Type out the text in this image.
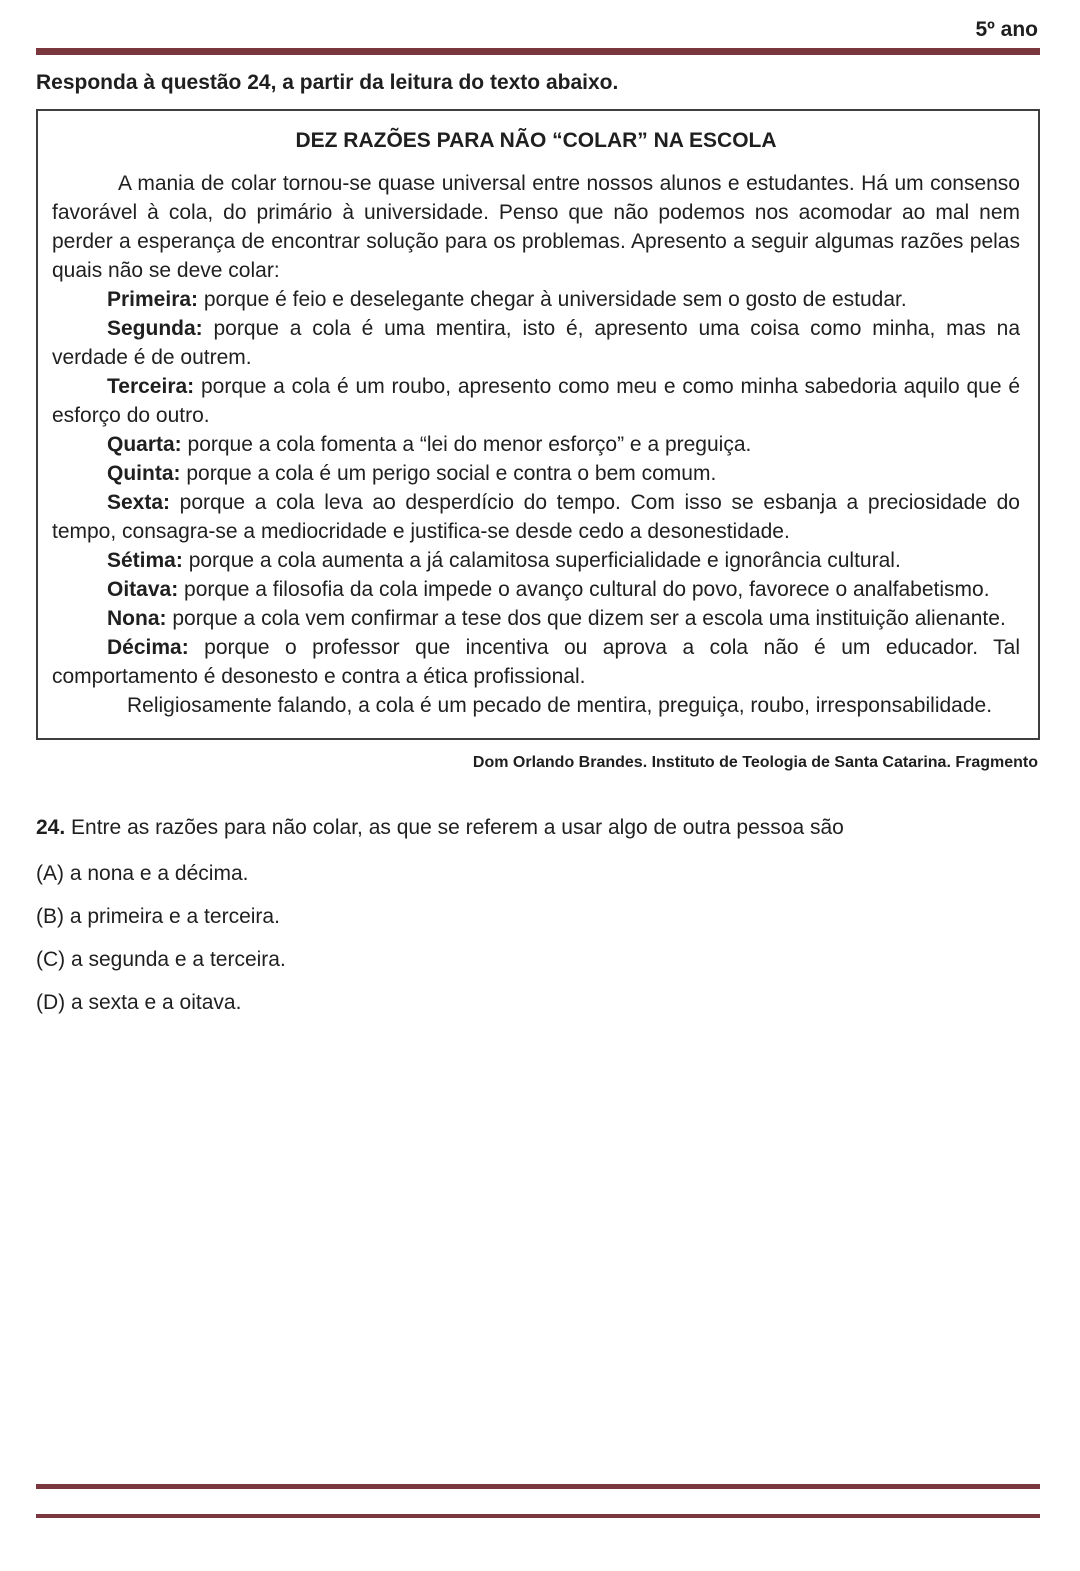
5º ano

Responda à questão 24, a partir da leitura do texto abaixo.

DEZ RAZÕES PARA NÃO “COLAR” NA ESCOLA

A mania de colar tornou-se quase universal entre nossos alunos e estudantes. Há um consenso favorável à cola, do primário à universidade. Penso que não podemos nos acomodar ao mal nem perder a esperança de encontrar solução para os problemas. Apresento a seguir algumas razões pelas quais não se deve colar:

Primeira: porque é feio e deselegante chegar à universidade sem o gosto de estudar.

Segunda: porque a cola é uma mentira, isto é, apresento uma coisa como minha, mas na verdade é de outrem.

Terceira: porque a cola é um roubo, apresento como meu e como minha sabedoria aquilo que é esforço do outro.

Quarta: porque a cola fomenta a “lei do menor esforço” e a preguiça.

Quinta: porque a cola é um perigo social e contra o bem comum.

Sexta: porque a cola leva ao desperdício do tempo. Com isso se esbanja a preciosidade do tempo, consagra-se a mediocridade e justifica-se desde cedo a desonestidade.

Sétima: porque a cola aumenta a já calamitosa superficialidade e ignorância cultural.

Oitava: porque a filosofia da cola impede o avanço cultural do povo, favorece o analfabetismo.

Nona: porque a cola vem confirmar a tese dos que dizem ser a escola uma instituição alienante.

Décima: porque o professor que incentiva ou aprova a cola não é um educador. Tal comportamento é desonesto e contra a ética profissional.

Religiosamente falando, a cola é um pecado de mentira, preguiça, roubo, irresponsabilidade.

Dom Orlando Brandes. Instituto de Teologia de Santa Catarina. Fragmento

24. Entre as razões para não colar, as que se referem a usar algo de outra pessoa são

(A) a nona e a décima.

(B) a primeira e a terceira.

(C) a segunda e a terceira.

(D) a sexta e a oitava.
